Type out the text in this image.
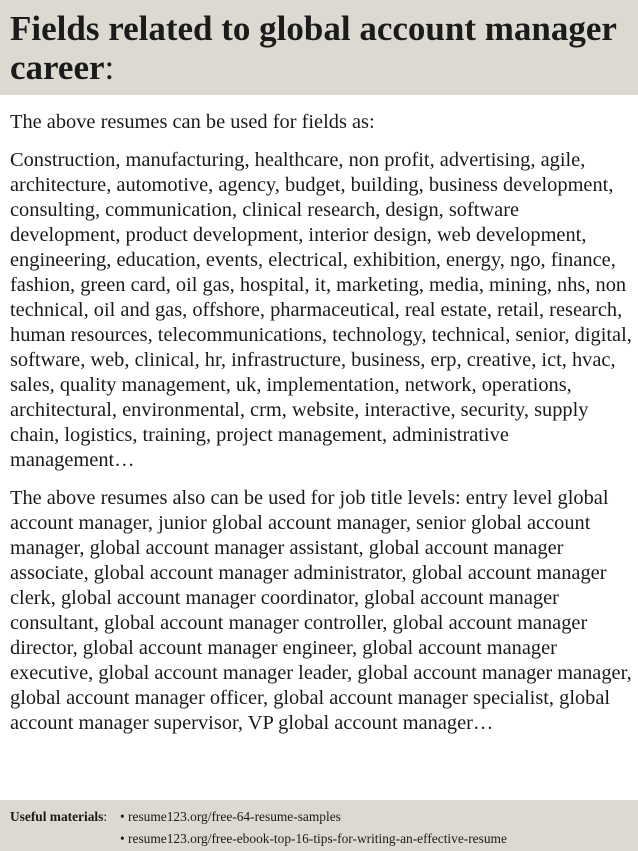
Fields related to global account manager career:

The above resumes can be used for fields as:

Construction, manufacturing, healthcare, non profit, advertising, agile, architecture, automotive, agency, budget, building, business development, consulting, communication, clinical research, design, software development, product development, interior design, web development, engineering, education, events, electrical, exhibition, energy, ngo, finance, fashion, green card, oil gas, hospital, it, marketing, media, mining, nhs, non technical, oil and gas, offshore, pharmaceutical, real estate, retail, research, human resources, telecommunications, technology, technical, senior, digital, software, web, clinical, hr, infrastructure, business, erp, creative, ict, hvac, sales, quality management, uk, implementation, network, operations, architectural, environmental, crm, website, interactive, security, supply chain, logistics, training, project management, administrative management…

The above resumes also can be used for job title levels: entry level global account manager, junior global account manager, senior global account manager, global account manager assistant, global account manager associate, global account manager administrator, global account manager clerk, global account manager coordinator, global account manager consultant, global account manager controller, global account manager director, global account manager engineer, global account manager executive, global account manager leader, global account manager manager, global account manager officer, global account manager specialist, global account manager supervisor, VP global account manager…

Useful materials: • resume123.org/free-64-resume-samples
• resume123.org/free-ebook-top-16-tips-for-writing-an-effective-resume
